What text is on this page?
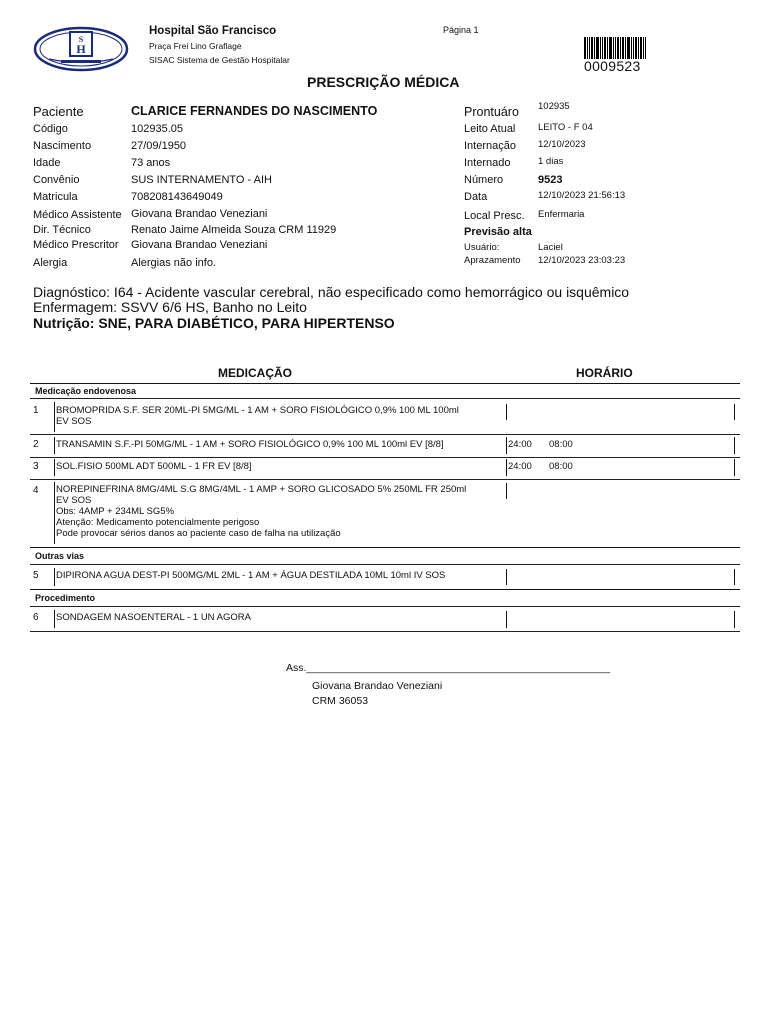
S
H
Hospital São Francisco
Praça Frei Lino Graflage
SISAC Sistema de Gestão Hospitalar
Página 1
0009523
PRESCRIÇÃO MÉDICA
Paciente	CLARICE FERNANDES DO NASCIMENTO
Código	102935.05
Nascimento	27/09/1950
Idade	73 anos
Convênio	SUS INTERNAMENTO - AIH
Matricula	708208143649049
Médico Assistente Giovana Brandao Veneziani
Dir. Técnico	Renato Jaime Almeida Souza CRM 11929
Médico Prescritor Giovana Brandao Veneziani
Alergia	Alergias não info.
Prontuáro 102935
Leito Atual LEITO - F 04
Internação 12/10/2023
Internado	1 dias
Número	9523
Data	12/10/2023 21:56:13
Local Presc. Enfermaria
Previsão alta
Usuário:	Laciel
Aprazamento 12/10/2023 23:03:23
Diagnóstico: I64 - Acidente vascular cerebral, não especificado como hemorrágico ou isquêmico
Enfermagem: SSVV 6/6 HS, Banho no Leito
Nutrição: SNE, PARA DIABÉTICO, PARA HIPERTENSO
MEDICAÇÃO	HORÁRIO
Medicação endovenosa
1 BROMOPRIDA S.F. SER 20ML-PI 5MG/ML - 1 AM + SORO FISIOLÓGICO 0,9% 100 ML 100ml
EV SOS
2 TRANSAMIN S.F.-PI 50MG/ML - 1 AM + SORO FISIOLÓGICO 0,9% 100 ML 100ml EV [8/8]	24:00 08:00
3 SOL.FISIO 500ML ADT 500ML - 1 FR EV [8/8]	24:00 08:00
4 NOREPINEFRINA 8MG/4ML S.G 8MG/4ML - 1 AMP + SORO GLICOSADO 5% 250ML FR 250ml
EV SOS
Obs: 4AMP + 234ML SG5%
Atenção: Medicamento potencialmente perigoso
Pode provocar sérios danos ao paciente caso de falha na utilização
Outras vias
5 DIPIRONA AGUA DEST-PI 500MG/ML 2ML - 1 AM + ÁGUA DESTILADA 10ML 10ml IV SOS
Procedimento
6 SONDAGEM NASOENTERAL - 1 UN AGORA
Ass.____________________________________________________
Giovana Brandao Veneziani
CRM 36053
